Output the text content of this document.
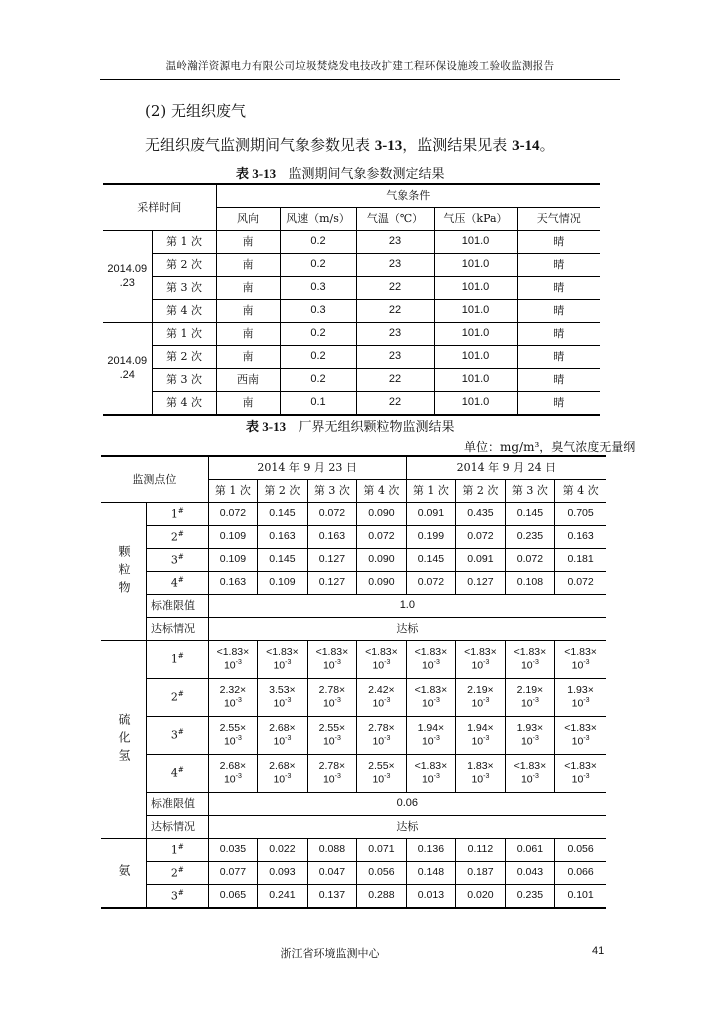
温岭瀚洋资源电力有限公司垃圾焚烧发电技改扩建工程环保设施竣工验收监测报告
(2) 无组织废气
无组织废气监测期间气象参数见表 3-13，监测结果见表 3-14。
表 3-13 监测期间气象参数测定结果
采样时间		气象条件				
		风向	风速（m/s）	气温（℃）	气压（kPa）	天气情况
2014.09
.23	第 1 次	南	0.2	23	101.0	晴
	第 2 次	南	0.2	23	101.0	晴
	第 3 次	南	0.3	22	101.0	晴
	第 4 次	南	0.3	22	101.0	晴
2014.09
.24	第 1 次	南	0.2	23	101.0	晴
	第 2 次	南	0.2	23	101.0	晴
	第 3 次	西南	0.2	22	101.0	晴
	第 4 次	南	0.1	22	101.0	晴
表 3-13 厂界无组织颗粒物监测结果
单位：mg/m³，臭气浓度无量纲
监测点位		2014 年 9 月 23 日				2014 年 9 月 24 日			
		第 1 次	第 2 次	第 3 次	第 4 次	第 1 次	第 2 次	第 3 次	第 4 次
颗粒物	1#	0.072	0.145	0.072	0.090	0.091	0.435	0.145	0.705
	2#	0.109	0.163	0.163	0.072	0.199	0.072	0.235	0.163
	3#	0.109	0.145	0.127	0.090	0.145	0.091	0.072	0.181
	4#	0.163	0.109	0.127	0.090	0.072	0.127	0.108	0.072
	标准限值	1.0							
	达标情况	达标							
硫化氢	1#	<1.83×
$10^{-3}$	<1.83×
$10^{-3}$	<1.83×
$10^{-3}$	<1.83×
$10^{-3}$	<1.83×
$10^{-3}$	<1.83×
$10^{-3}$	<1.83×
$10^{-3}$	<1.83×
$10^{-3}$
	2#	2.32×
$10^{-3}$	3.53×
$10^{-3}$	2.78×
$10^{-3}$	2.42×
$10^{-3}$	<1.83×
$10^{-3}$	2.19×
$10^{-3}$	2.19×
$10^{-3}$	1.93×
$10^{-3}$
	3#	2.55×
$10^{-3}$	2.68×
$10^{-3}$	2.55×
$10^{-3}$	2.78×
$10^{-3}$	1.94×
$10^{-3}$	1.94×
$10^{-3}$	1.93×
$10^{-3}$	<1.83×
$10^{-3}$
	4#	2.68×
$10^{-3}$	2.68×
$10^{-3}$	2.78×
$10^{-3}$	2.55×
$10^{-3}$	<1.83×
$10^{-3}$	1.83×
$10^{-3}$	<1.83×
$10^{-3}$	<1.83×
$10^{-3}$
	标准限值	0.06							
	达标情况	达标							
氨	1#	0.035	0.022	0.088	0.071	0.136	0.112	0.061	0.056
	2#	0.077	0.093	0.047	0.056	0.148	0.187	0.043	0.066
	3#	0.065	0.241	0.137	0.288	0.013	0.020	0.235	0.101
浙江省环境监测中心	41
